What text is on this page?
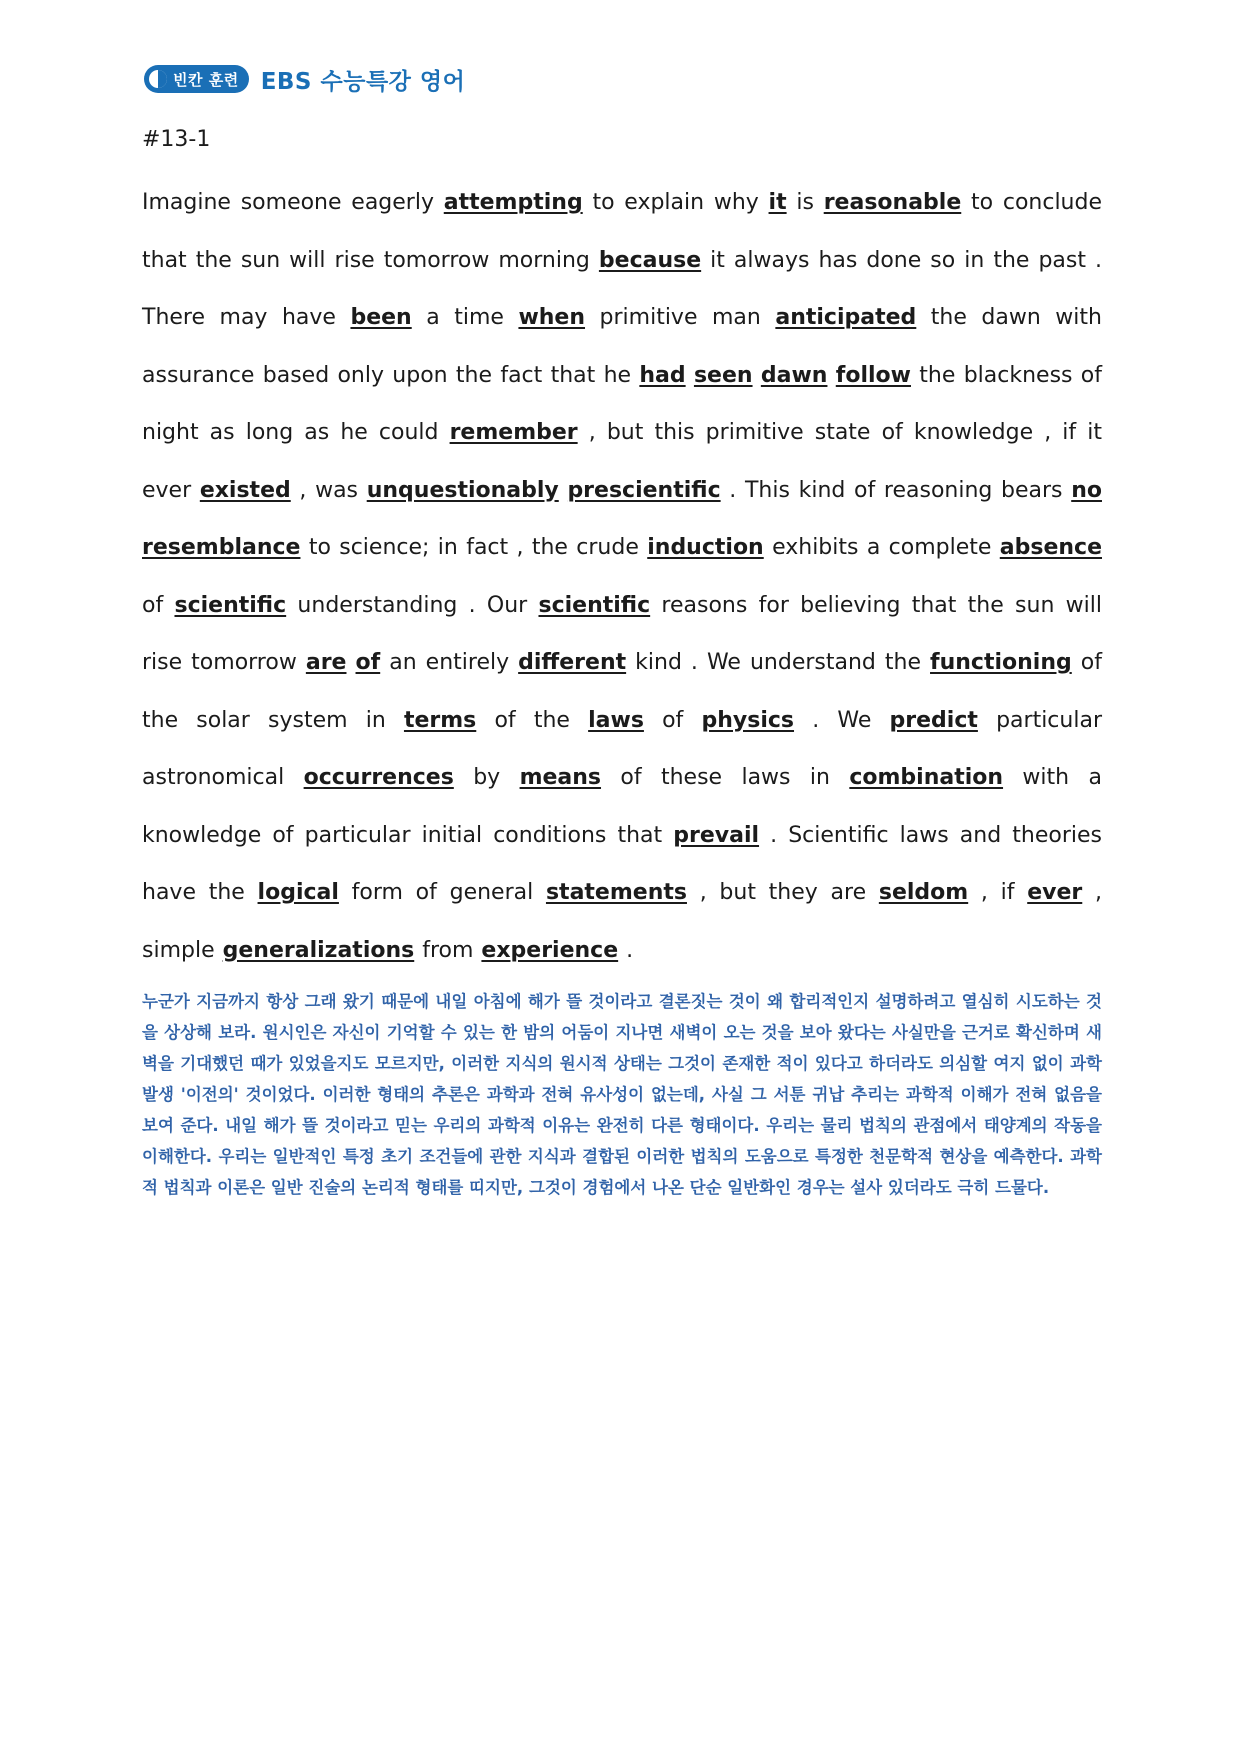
빈칸 훈련 EBS 수능특강 영어
#13-1
Imagine someone eagerly attempting to explain why it is reasonable to conclude that the sun will rise tomorrow morning because it always has done so in the past . There may have been a time when primitive man anticipated the dawn with assurance based only upon the fact that he had seen dawn follow the blackness of night as long as he could remember , but this primitive state of knowledge , if it ever existed , was unquestionably prescientific . This kind of reasoning bears no resemblance to science; in fact , the crude induction exhibits a complete absence of scientific understanding . Our scientific reasons for believing that the sun will rise tomorrow are of an entirely different kind . We understand the functioning of the solar system in terms of the laws of physics . We predict particular astronomical occurrences by means of these laws in combination with a knowledge of particular initial conditions that prevail . Scientific laws and theories have the logical form of general statements , but they are seldom , if ever , simple generalizations from experience .
누군가 지금까지 항상 그래 왔기 때문에 내일 아침에 해가 뜰 것이라고 결론짓는 것이 왜 합리적인지 설명하려고 열심히 시도하는 것을 상상해 보라. 원시인은 자신이 기억할 수 있는 한 밤의 어둠이 지나면 새벽이 오는 것을 보아 왔다는 사실만을 근거로 확신하며 새벽을 기대했던 때가 있었을지도 모르지만, 이러한 지식의 원시적 상태는 그것이 존재한 적이 있다고 하더라도 의심할 여지 없이 과학 발생 '이전의' 것이었다. 이러한 형태의 추론은 과학과 전혀 유사성이 없는데, 사실 그 서툰 귀납 추리는 과학적 이해가 전혀 없음을 보여 준다. 내일 해가 뜰 것이라고 믿는 우리의 과학적 이유는 완전히 다른 형태이다. 우리는 물리 법칙의 관점에서 태양계의 작동을 이해한다. 우리는 일반적인 특정 초기 조건들에 관한 지식과 결합된 이러한 법칙의 도움으로 특정한 천문학적 현상을 예측한다. 과학적 법칙과 이론은 일반 진술의 논리적 형태를 띠지만, 그것이 경험에서 나온 단순 일반화인 경우는 설사 있더라도 극히 드물다.
